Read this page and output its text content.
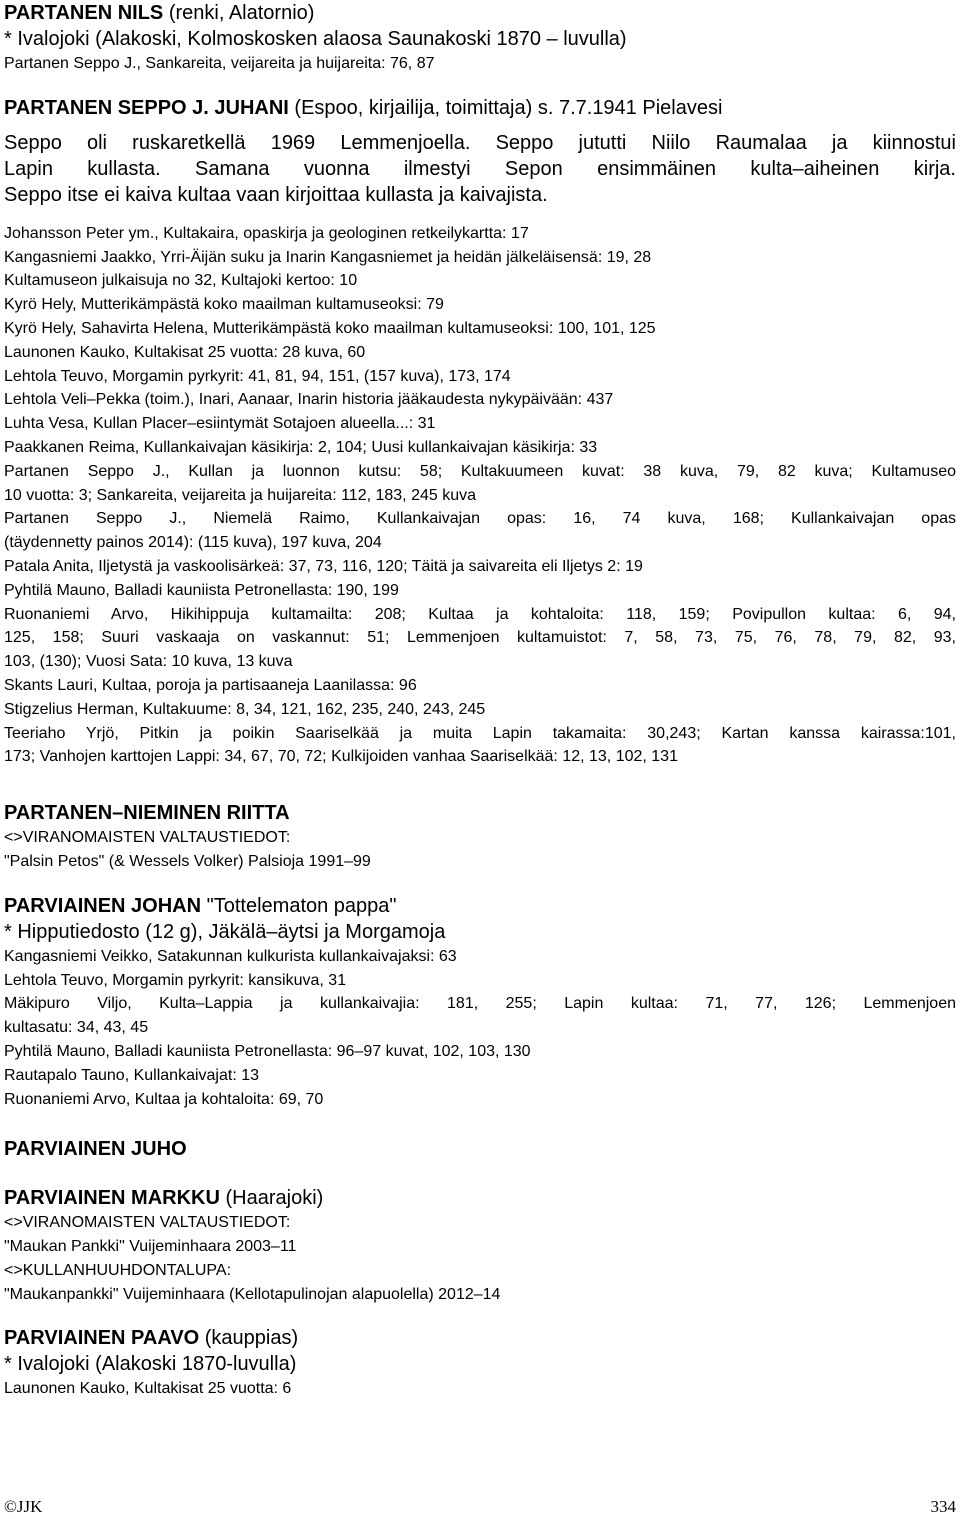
PARTANEN NILS (renki, Alatornio)
* Ivalojoki (Alakoski, Kolmoskosken alaosa Saunakoski 1870 – luvulla)
Partanen Seppo J., Sankareita, veijareita ja huijareita: 76, 87
PARTANEN SEPPO J. JUHANI (Espoo, kirjailija, toimittaja) s. 7.7.1941 Pielavesi
Seppo oli ruskaretkellä 1969 Lemmenjoella. Seppo jututti Niilo Raumalaa ja kiinnostui
Lapin kullasta. Samana vuonna ilmestyi Sepon ensimmäinen kulta–aiheinen kirja.
Seppo itse ei kaiva kultaa vaan kirjoittaa kullasta ja kaivajista.
Johansson Peter ym., Kultakaira, opaskirja ja geologinen retkeilykartta: 17
Kangasniemi Jaakko, Yrri-Äijän suku ja Inarin Kangasniemet ja heidän jälkeläisensä: 19, 28
Kultamuseon julkaisuja no 32, Kultajoki kertoo: 10
Kyrö Hely, Mutterikämpästä koko maailman kultamuseoksi: 79
Kyrö Hely, Sahavirta Helena, Mutterikämpästä koko maailman kultamuseoksi: 100, 101, 125
Launonen Kauko, Kultakisat 25 vuotta: 28 kuva, 60
Lehtola Teuvo, Morgamin pyrkyrit: 41, 81, 94, 151, (157 kuva), 173, 174
Lehtola Veli–Pekka (toim.), Inari, Aanaar, Inarin historia jääkaudesta nykypäivään: 437
Luhta Vesa, Kullan Placer–esiintymät Sotajoen alueella...: 31
Paakkanen Reima, Kullankaivajan käsikirja: 2, 104; Uusi kullankaivajan käsikirja: 33
Partanen Seppo J., Kullan ja luonnon kutsu: 58; Kultakuumeen kuvat: 38 kuva, 79, 82 kuva; Kultamuseo
10 vuotta: 3; Sankareita, veijareita ja huijareita: 112, 183, 245 kuva
Partanen Seppo J., Niemelä Raimo, Kullankaivajan opas: 16, 74 kuva, 168; Kullankaivajan opas
(täydennetty painos 2014): (115 kuva), 197 kuva, 204
Patala Anita, Iljetystä ja vaskoolisärkeä: 37, 73, 116, 120; Täitä ja saivareita eli Iljetys 2: 19
Pyhtilä Mauno, Balladi kauniista Petronellasta: 190, 199
Ruonaniemi Arvo, Hikihippuja kultamailta: 208; Kultaa ja kohtaloita: 118, 159; Povipullon kultaa: 6, 94,
125, 158; Suuri vaskaaja on vaskannut: 51; Lemmenjoen kultamuistot: 7, 58, 73, 75, 76, 78, 79, 82, 93,
103, (130); Vuosi Sata: 10 kuva, 13 kuva
Skants Lauri, Kultaa, poroja ja partisaaneja Laanilassa: 96
Stigzelius Herman, Kultakuume: 8, 34, 121, 162, 235, 240, 243, 245
Teeriaho Yrjö, Pitkin ja poikin Saariselkää ja muita Lapin takamaita: 30,243; Kartan kanssa kairassa:101,
173; Vanhojen karttojen Lappi: 34, 67, 70, 72; Kulkijoiden vanhaa Saariselkää: 12, 13, 102, 131
PARTANEN–NIEMINEN RIITTA
<>VIRANOMAISTEN VALTAUSTIEDOT:
"Palsin Petos" (& Wessels Volker) Palsioja 1991–99
PARVIAINEN JOHAN "Tottelematon pappa"
* Hipputiedosto (12 g), Jäkälä–äytsi ja Morgamoja
Kangasniemi Veikko, Satakunnan kulkurista kullankaivajaksi: 63
Lehtola Teuvo, Morgamin pyrkyrit: kansikuva, 31
Mäkipuro Viljo, Kulta–Lappia ja kullankaivajia: 181, 255; Lapin kultaa: 71, 77, 126; Lemmenjoen
kultasatu: 34, 43, 45
Pyhtilä Mauno, Balladi kauniista Petronellasta: 96–97 kuvat, 102, 103, 130
Rautapalo Tauno, Kullankaivajat: 13
Ruonaniemi Arvo, Kultaa ja kohtaloita: 69, 70
PARVIAINEN JUHO
PARVIAINEN MARKKU (Haarajoki)
<>VIRANOMAISTEN VALTAUSTIEDOT:
"Maukan Pankki" Vuijeminhaara 2003–11
<>KULLANHUUHDONTALUPA:
"Maukanpankki" Vuijeminhaara (Kellotapulinojan alapuolella) 2012–14
PARVIAINEN PAAVO (kauppias)
* Ivalojoki (Alakoski 1870-luvulla)
Launonen Kauko, Kultakisat 25 vuotta: 6
©JJK	334
